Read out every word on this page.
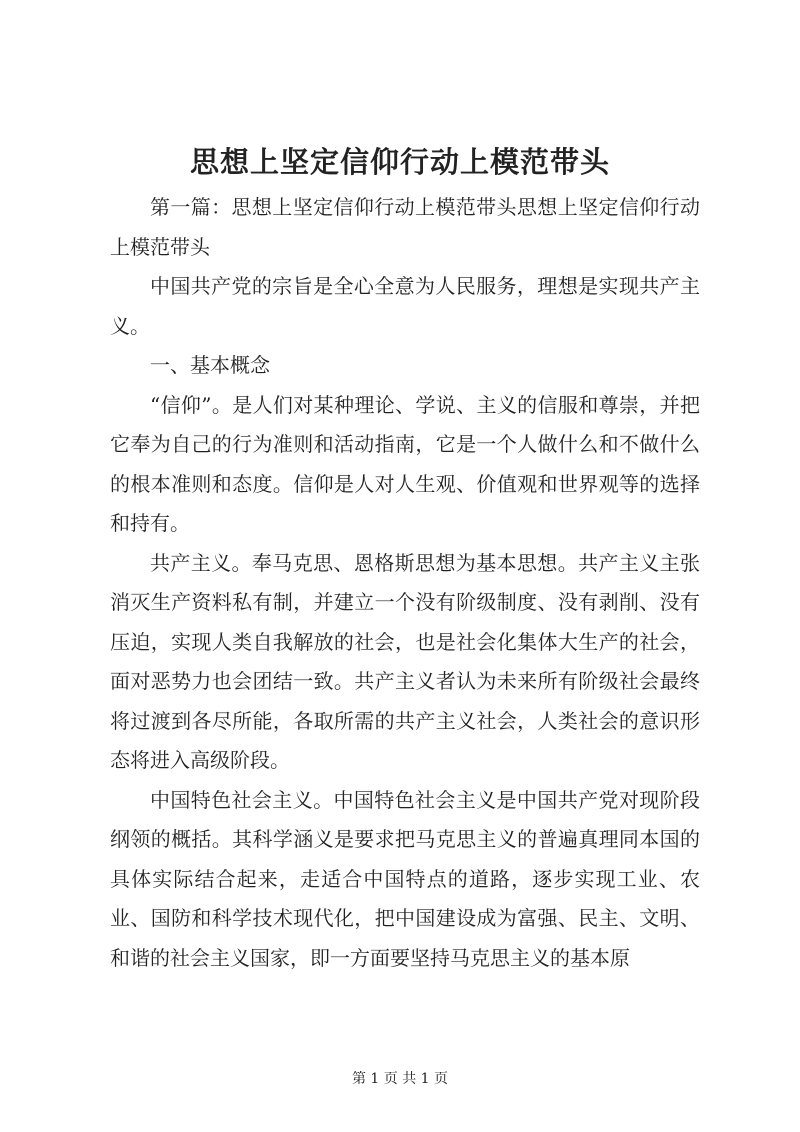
思想上坚定信仰行动上模范带头

第一篇：思想上坚定信仰行动上模范带头思想上坚定信仰行动上模范带头

中国共产党的宗旨是全心全意为人民服务，理想是实现共产主义。

一、基本概念

“信仰”。是人们对某种理论、学说、主义的信服和尊崇，并把它奉为自己的行为准则和活动指南，它是一个人做什么和不做什么的根本准则和态度。信仰是人对人生观、价值观和世界观等的选择和持有。

共产主义。奉马克思、恩格斯思想为基本思想。共产主义主张消灭生产资料私有制，并建立一个没有阶级制度、没有剥削、没有压迫，实现人类自我解放的社会，也是社会化集体大生产的社会，面对恶势力也会团结一致。共产主义者认为未来所有阶级社会最终将过渡到各尽所能，各取所需的共产主义社会，人类社会的意识形态将进入高级阶段。

中国特色社会主义。中国特色社会主义是中国共产党对现阶段纲领的概括。其科学涵义是要求把马克思主义的普遍真理同本国的具体实际结合起来，走适合中国特点的道路，逐步实现工业、农业、国防和科学技术现代化，把中国建设成为富强、民主、文明、和谐的社会主义国家，即一方面要坚持马克思主义的基本原

第 1 页 共 1 页
